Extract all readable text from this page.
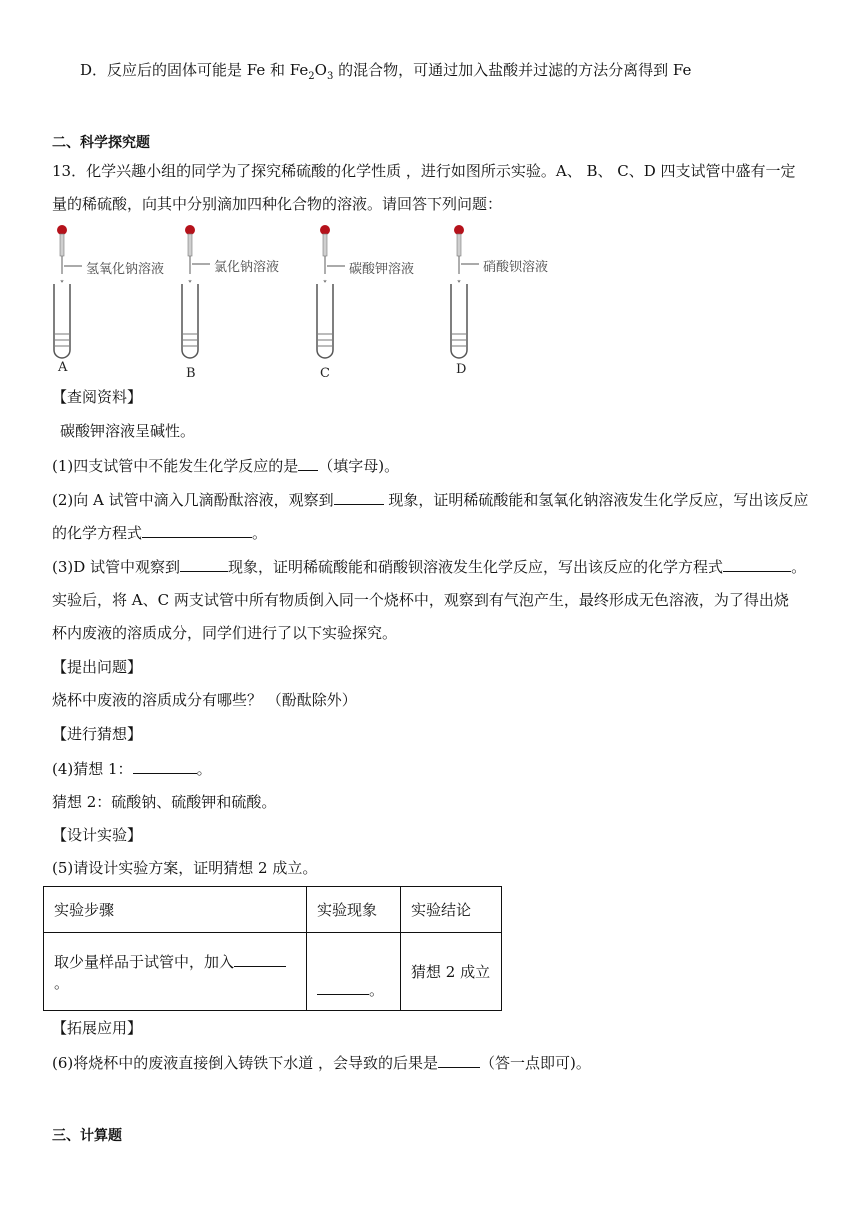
D．反应后的固体可能是 Fe 和 $Fe_2O_3$ 的混合物，可通过加入盐酸并过滤的方法分离得到 Fe
二、科学探究题
13．化学兴趣小组的同学为了探究稀硫酸的化学性质 ，进行如图所示实验。A、 B、 C、D 四支试管中盛有一定
量的稀硫酸，向其中分别滴加四种化合物的溶液。请回答下列问题：
氢氧化钠溶液	氯化钠溶液	碳酸钾溶液	硝酸钡溶液
A	B	C	D
【查阅资料】
碳酸钾溶液呈碱性。
(1)四支试管中不能发生化学反应的是 （填字母)。
(2)向 A 试管中滴入几滴酚酞溶液，观察到	现象，证明稀硫酸能和氢氧化钠溶液发生化学反应，写出该反应
的化学方程式	。
(3)D 试管中观察到	现象，证明稀硫酸能和硝酸钡溶液发生化学反应，写出该反应的化学方程式	。
实验后，将 A、C 两支试管中所有物质倒入同一个烧杯中，观察到有气泡产生，最终形成无色溶液，为了得出烧
杯内废液的溶质成分，同学们进行了以下实验探究。
【提出问题】
烧杯中废液的溶质成分有哪些？ （酚酞除外）
【进行猜想】
(4)猜想 1：	。
猜想 2：硫酸钠、硫酸钾和硫酸。
【设计实验】
(5)请设计实验方案，证明猜想 2 成立。
实验步骤	实验现象	实验结论
取少量样品于试管中，加入。	。	猜想 2 成立
【拓展应用】
(6)将烧杯中的废液直接倒入铸铁下水道 ，会导致的后果是	（答一点即可)。
三、计算题
